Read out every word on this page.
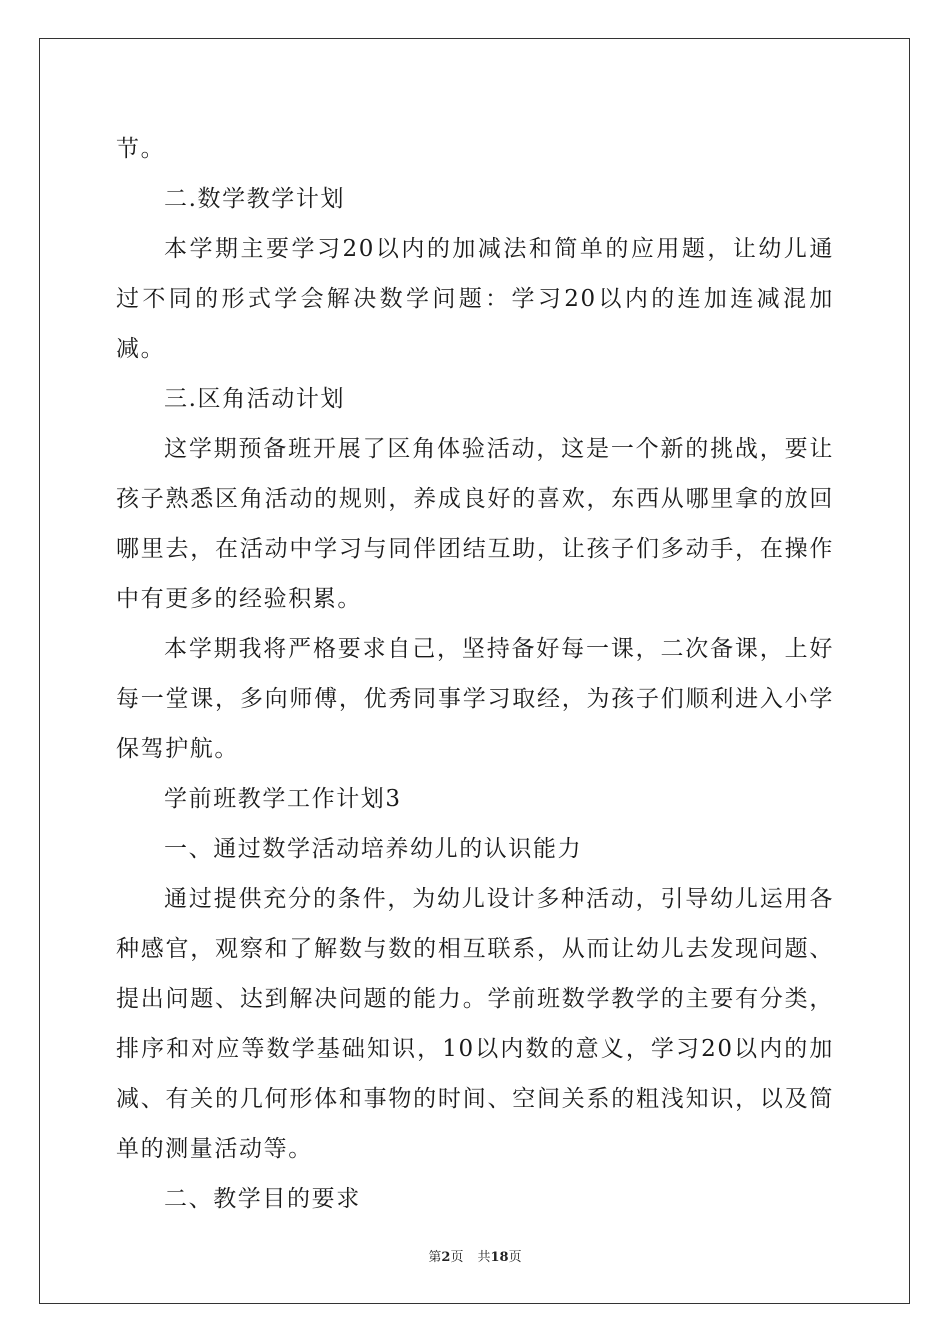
节。

二.数学教学计划

本学期主要学习20以内的加减法和简单的应用题，让幼儿通过不同的形式学会解决数学问题：学习20以内的连加连减混加减。

三.区角活动计划

这学期预备班开展了区角体验活动，这是一个新的挑战，要让孩子熟悉区角活动的规则，养成良好的喜欢，东西从哪里拿的放回哪里去，在活动中学习与同伴团结互助，让孩子们多动手，在操作中有更多的经验积累。

本学期我将严格要求自己，坚持备好每一课，二次备课，上好每一堂课，多向师傅，优秀同事学习取经，为孩子们顺利进入小学保驾护航。

学前班教学工作计划3

一、通过数学活动培养幼儿的认识能力

通过提供充分的条件，为幼儿设计多种活动，引导幼儿运用各种感官，观察和了解数与数的相互联系，从而让幼儿去发现问题、提出问题、达到解决问题的能力。学前班数学教学的主要有分类，排序和对应等数学基础知识，10以内数的意义，学习20以内的加减、有关的几何形体和事物的时间、空间关系的粗浅知识，以及简单的测量活动等。

二、教学目的要求

第2页 共18页
